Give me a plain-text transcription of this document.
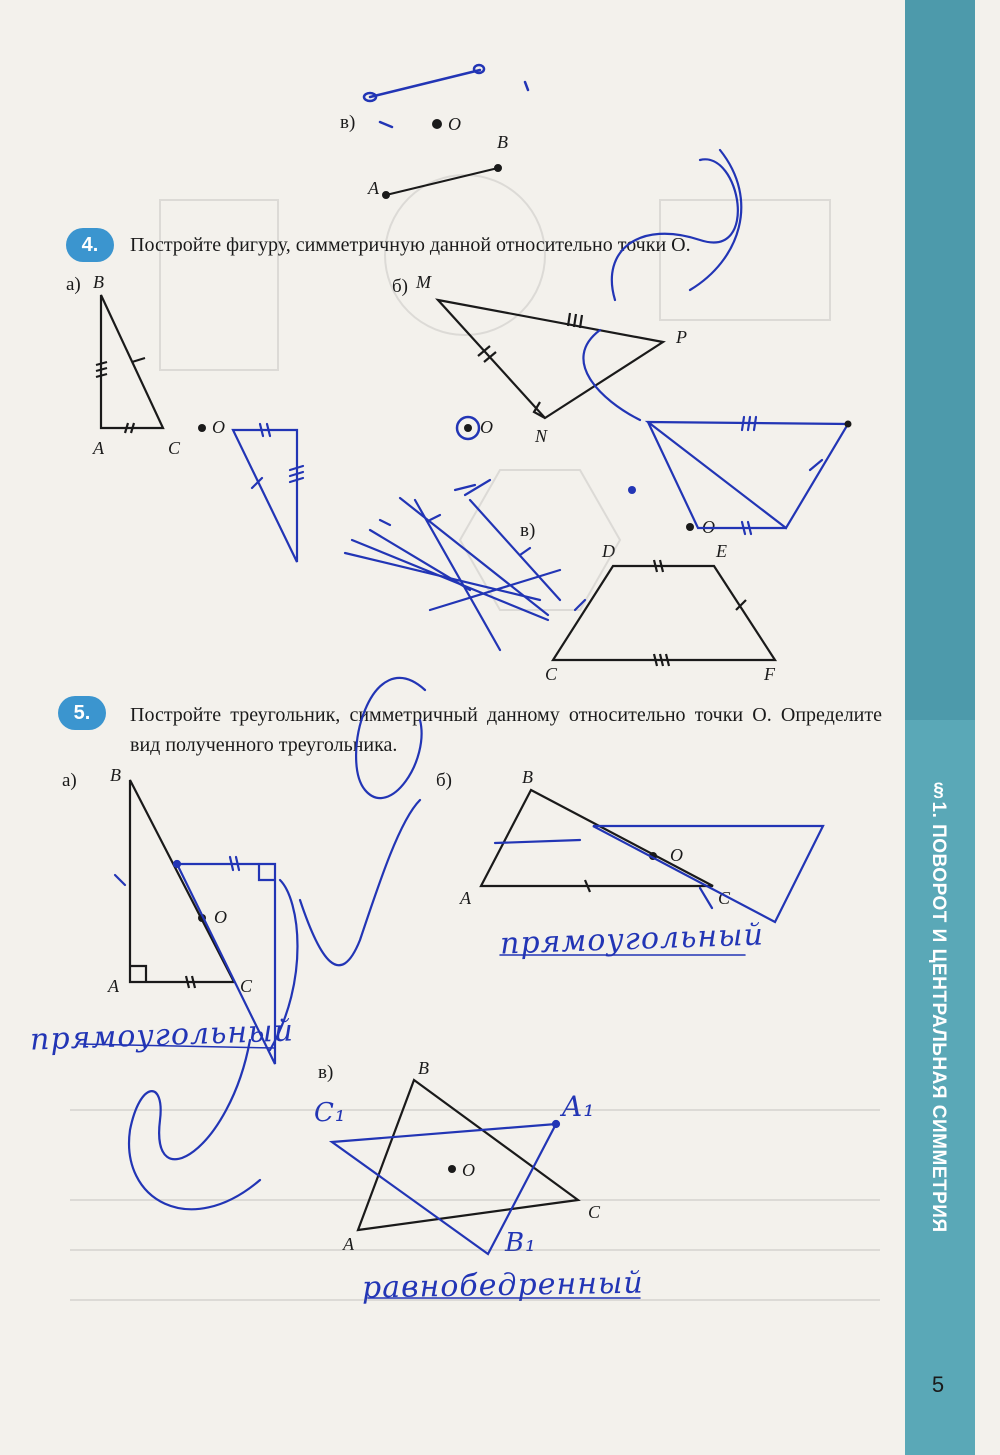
§1. ПОВОРОТ И ЦЕНТРАЛЬНАЯ СИММЕТРИЯ
5
в)	O
A
B
4.	Постройте фигуру, симметричную данной относительно точки O.
а) B
A	C
O
б) M
P
N
O
в)
D	E
C	F
O
5.	Постройте треугольник, симметричный данному относительно точки O. Определите вид полученного треугольника.
а) B
A	C
O
б)	B
A	C
O
в)	B
A
C
O
A₁
B₁
C₁
прямоугольный
прямоугольный
равнобедренный
